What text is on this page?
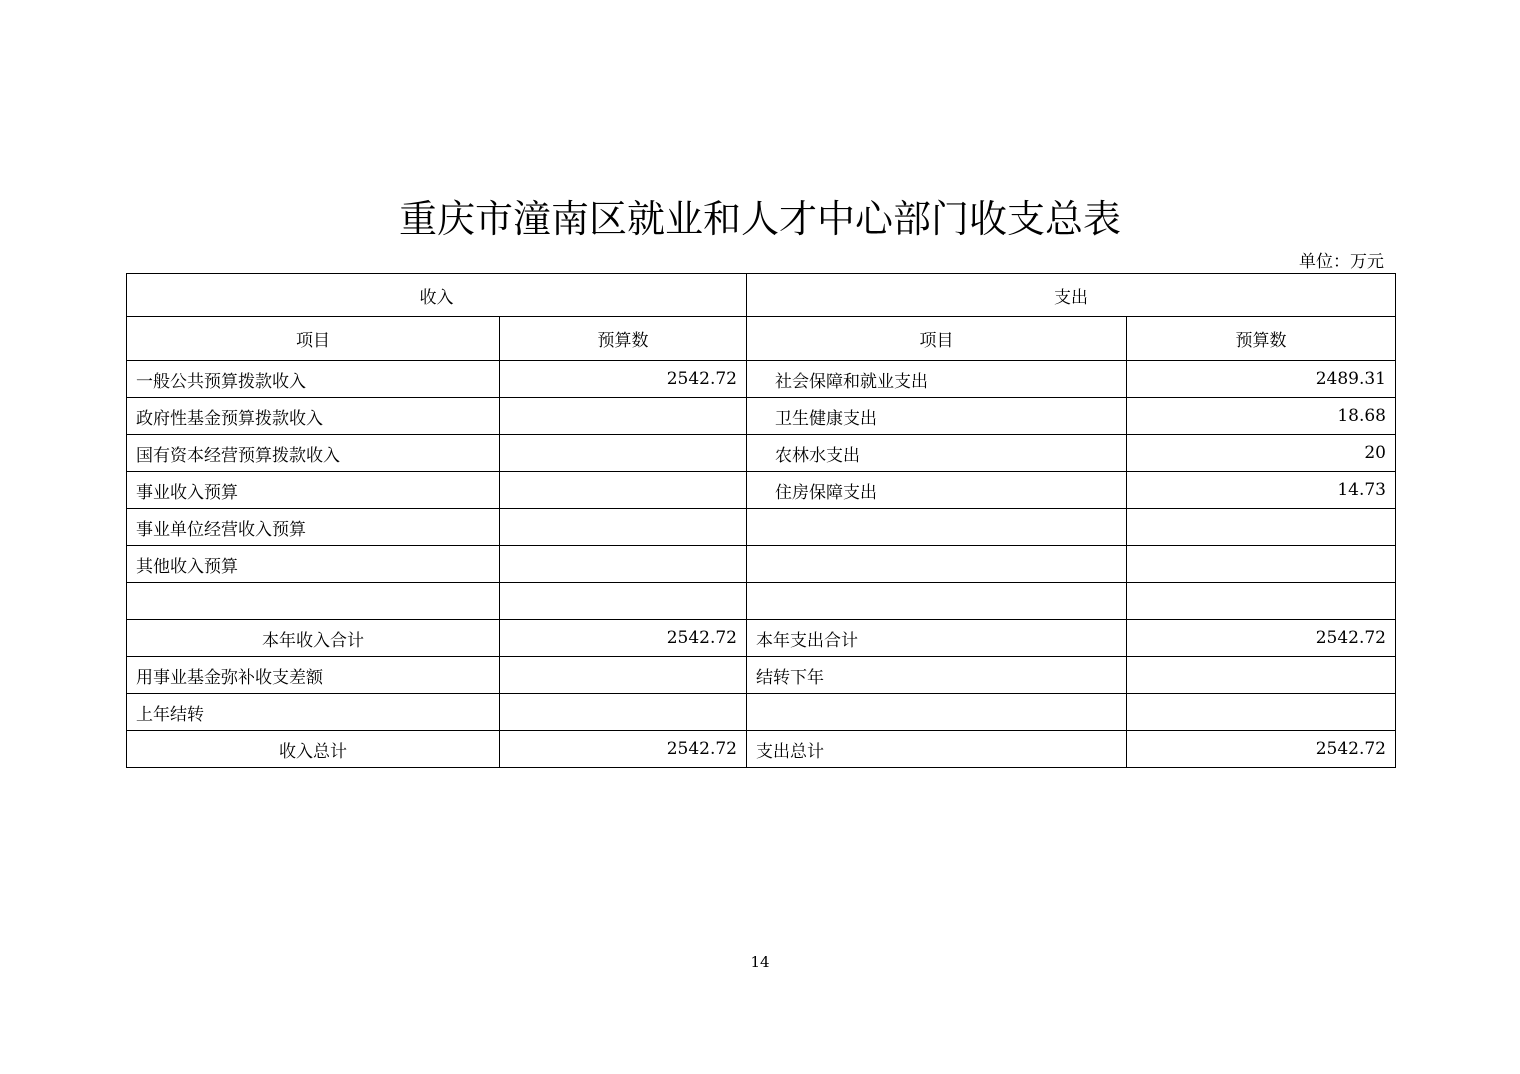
重庆市潼南区就业和人才中心部门收支总表
单位：万元
收入		支出	
项目	预算数	项目	预算数
一般公共预算拨款收入	2542.72	社会保障和就业支出	2489.31
政府性基金预算拨款收入		卫生健康支出	18.68
国有资本经营预算拨款收入		农林水支出	20
事业收入预算		住房保障支出	14.73
事业单位经营收入预算			
其他收入预算			

本年收入合计	2542.72	本年支出合计	2542.72
用事业基金弥补收支差额		结转下年	
上年结转			
收入总计	2542.72	支出总计	2542.72
14
